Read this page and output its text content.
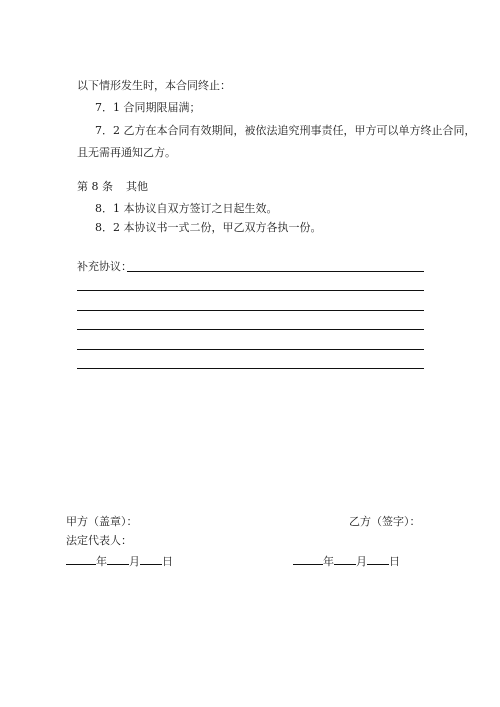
以下情形发生时，本合同终止：
7．1 合同期限届满；
7．2 乙方在本合同有效期间，被依法追究刑事责任，甲方可以单方终止合同，
且无需再通知乙方。
第 8 条 其他
8．1 本协议自双方签订之日起生效。
8．2 本协议书一式二份，甲乙双方各执一份。
补充协议：
甲方（盖章）：	乙方（签字）：
法定代表人：
年 月 日	年 月 日
